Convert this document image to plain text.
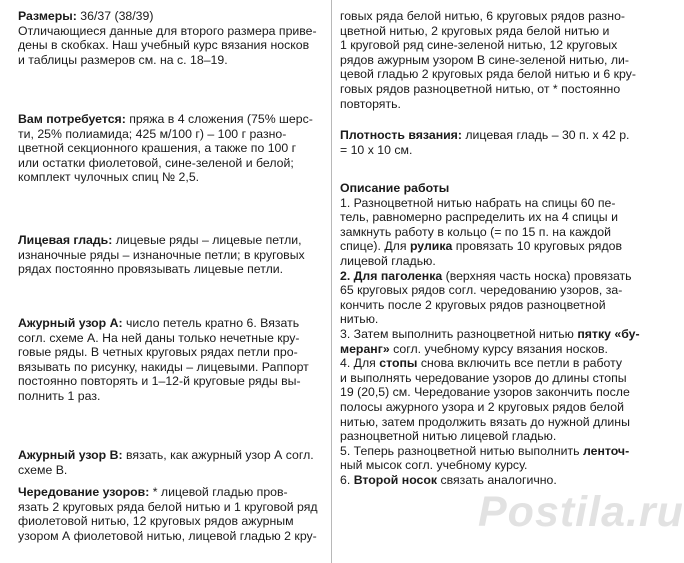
Размеры: 36/37 (38/39)
Отличающиеся данные для второго размера приве-
дены в скобках. Наш учебный курс вязания носков
и таблицы размеров см. на с. 18–19.
Вам потребуется: пряжа в 4 сложения (75% шерс-
ти, 25% полиамида; 425 м/100 г) – 100 г разно-
цветной секционного крашения, а также по 100 г
или остатки фиолетовой, сине-зеленой и белой;
комплект чулочных спиц № 2,5.
Лицевая гладь: лицевые ряды – лицевые петли,
изнаночные ряды – изнаночные петли; в круговых
рядах постоянно провязывать лицевые петли.
Ажурный узор А: число петель кратно 6. Вязать
согл. схеме А. На ней даны только нечетные кру-
говые ряды. В четных круговых рядах петли про-
вязывать по рисунку, накиды – лицевыми. Раппорт
постоянно повторять и 1–12-й круговые ряды вы-
полнить 1 раз.
Ажурный узор В: вязать, как ажурный узор А согл.
схеме В.
Чередование узоров: * лицевой гладью пров-
язать 2 круговых ряда белой нитью и 1 круговой ряд
фиолетовой нитью, 12 круговых рядов ажурным
узором А фиолетовой нитью, лицевой гладью 2 кру-
говых ряда белой нитью, 6 круговых рядов разно-
цветной нитью, 2 круговых ряда белой нитью и
1 круговой ряд сине-зеленой нитью, 12 круговых
рядов ажурным узором В сине-зеленой нитью, ли-
цевой гладью 2 круговых ряда белой нитью и 6 кру-
говых рядов разноцветной нитью, от * постоянно
повторять.
Плотность вязания: лицевая гладь – 30 п. х 42 р.
= 10 х 10 см.
Описание работы
1. Разноцветной нитью набрать на спицы 60 пе-
тель, равномерно распределить их на 4 спицы и
замкнуть работу в кольцо (= по 15 п. на каждой
спице). Для рулика провязать 10 круговых рядов
лицевой гладью.
2. Для паголенка (верхняя часть носка) провязать
65 круговых рядов согл. чередованию узоров, за-
кончить после 2 круговых рядов разноцветной
нитью.
3. Затем выполнить разноцветной нитью пятку «бу-
меранг» согл. учебному курсу вязания носков.
4. Для стопы снова включить все петли в работу
и выполнять чередование узоров до длины стопы
19 (20,5) см. Чередование узоров закончить после
полосы ажурного узора и 2 круговых рядов белой
нитью, затем продолжить вязать до нужной длины
разноцветной нитью лицевой гладью.
5. Теперь разноцветной нитью выполнить ленточ-
ный мысок согл. учебному курсу.
6. Второй носок связать аналогично.
Postila.ru
